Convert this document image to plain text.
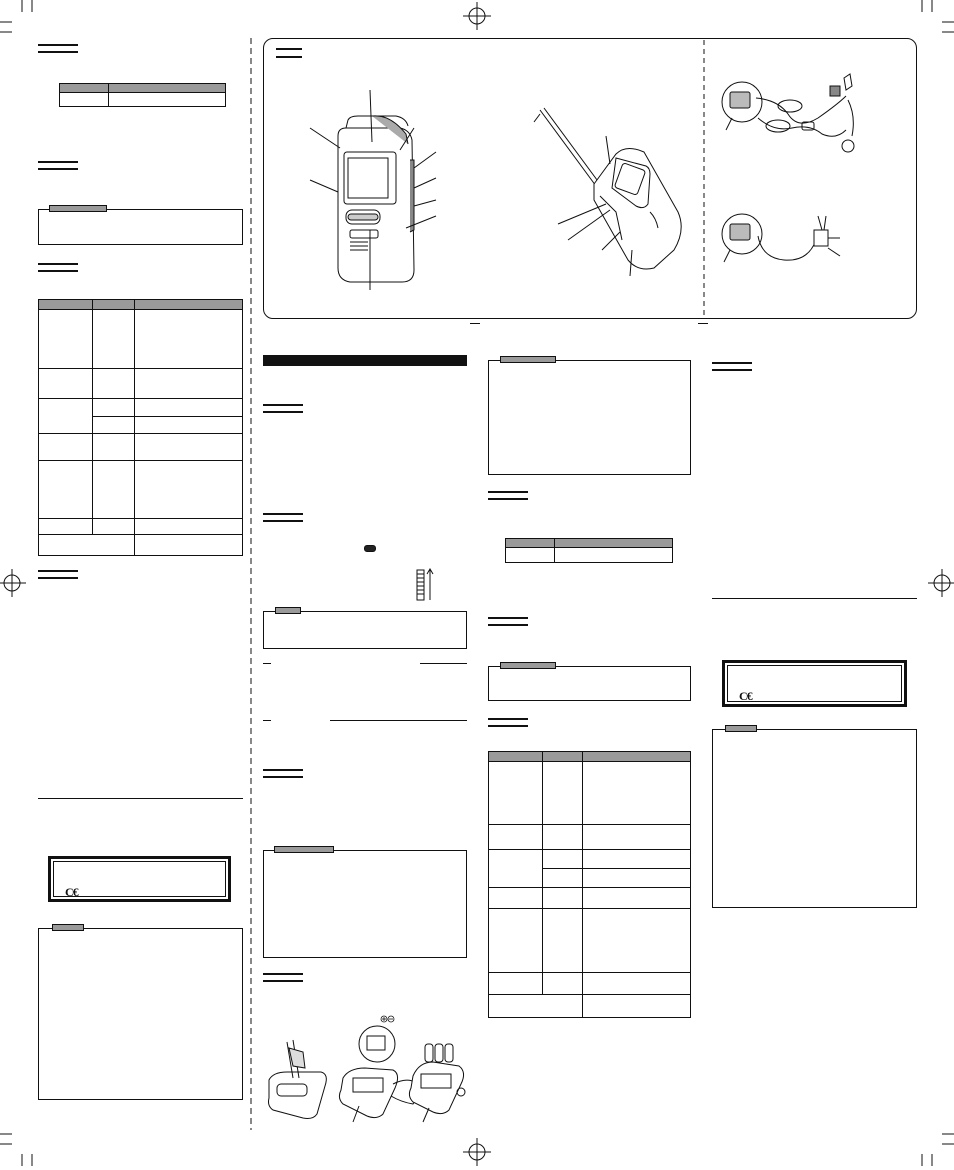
C€
C€
